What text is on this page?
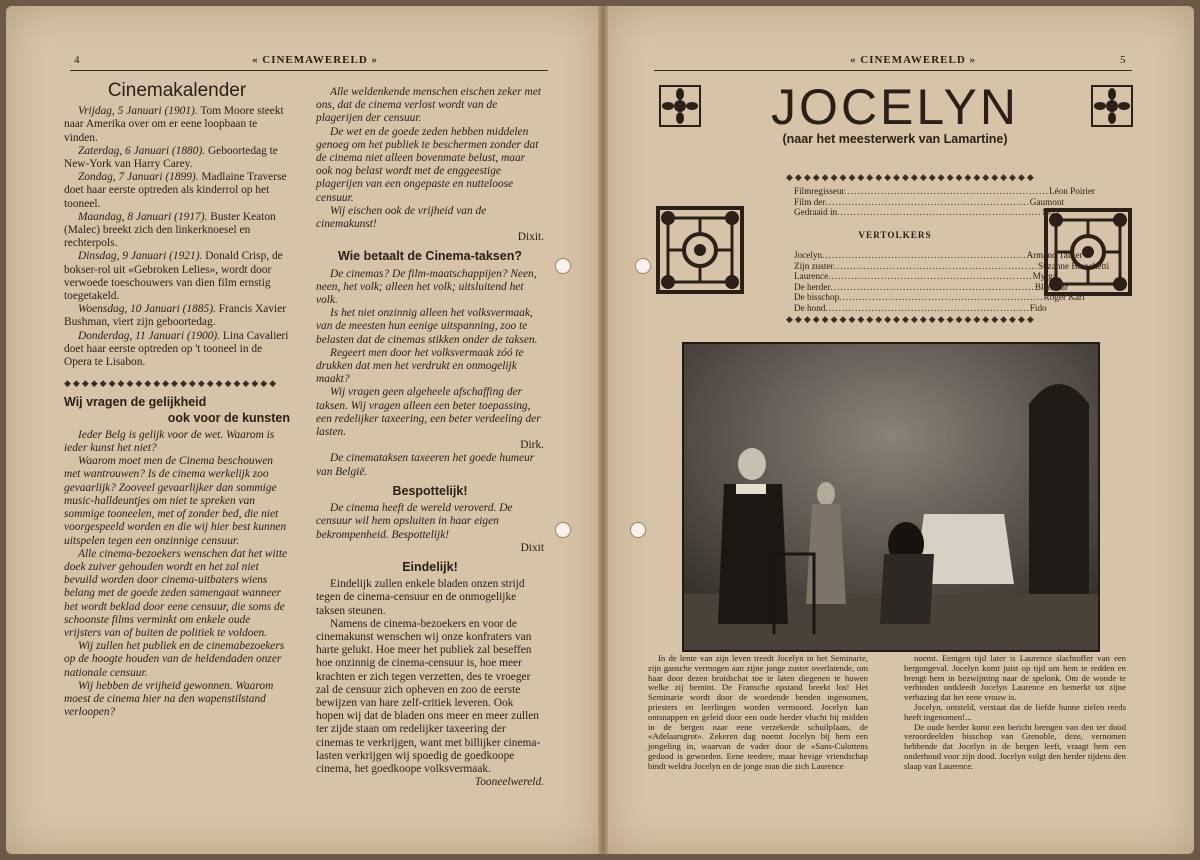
4	« CINEMAWERELD »
Cinemakalender

Vrijdag, 5 Januari (1901). Tom Moore steekt naar Amerika over om er eene loopbaan te vinden.

Zaterdag, 6 Januari (1880). Geboortedag te New-York van Harry Carey.

Zondag, 7 Januari (1899). Madlaine Traverse doet haar eerste optreden als kinderrol op het tooneel.

Maandag, 8 Januari (1917). Buster Keaton (Malec) breekt zich den linkerknoesel en rechterpols.

Dinsdag, 9 Januari (1921). Donald Crisp, de bokser-rol uit «Gebroken Lelies», wordt door verwoede toeschouwers van dien film ernstig toegetakeld.

Woensdag, 10 Januari (1885). Francis Xavier Bushman, viert zijn geboortedag.

Donderdag, 11 Januari (1900). Lina Cavalieri doet haar eerste optreden op 't tooneel in de Opera te Lisabon.

◆◆◆◆◆◆◆◆◆◆◆◆◆◆◆◆◆◆◆◆◆◆◆◆
Wij vragen de gelijkheid
ook voor de kunsten

Ieder Belg is gelijk voor de wet. Waarom is ieder kunst het niet?

Waarom moet men de Cinema beschouwen met wantrouwen? Is de cinema werkelijk zoo gevaarlijk? Zooveel gevaarlijker dan sommige music-halldeuntjes om niet te spreken van sommige tooneelen, met of zonder bed, die niet voorgespeeld worden en die wij hier best kunnen uitspelen tegen een onzinnige censuur.

Alle cinema-bezoekers wenschen dat het witte doek zuiver gehouden wordt en het zal niet bevuild worden door cinema-uitbaters wiens belang met de goede zeden samengaat wanneer het wordt beklad door eene censuur, die soms de schoonste films verminkt om enkele oude vrijsters van of buiten de politiek te voldoen.

Wij zullen het publiek en de cinemabezoekers op de hoogte houden van de heldendaden onzer nationale censuur.

Wij hebben de vrijheid gewonnen. Waarom moest de cinema hier na den wapenstilstand verloopen?

Alle weldenkende menschen eischen zeker met ons, dat de cinema verlost wordt van de plagerijen der censuur.

De wet en de goede zeden hebben middelen genoeg om het publiek te beschermen zonder dat de cinema niet alleen bovenmate belust, maar ook nog belast wordt met de enggeestige plagerijen van een ongepaste en nutteloose censuur.

Wij eischen ook de vrijheid van de cinemakunst!

Dixit.
Wie betaalt de Cinema-taksen?

De cinemas? De film-maatschappijen? Neen, neen, het volk; alleen het volk; uitsluitend het volk.

Is het niet onzinnig alleen het volksvermaak, van de meesten hun eenige uitspanning, zoo te belasten dat de cinemas stikken onder de taksen.

Regeert men door het volksvermaak zóó te drukken dat men het verdrukt en onmogelijk maakt?

Wij vragen geen algeheele afschaffing der taksen. Wij vragen alleen een beter toepassing, een redelijker taxeering, een beter verdeeling der lasten.

Dirk.

De cinemataksen taxeeren het goede humeur van België.

Bespottelijk!

De cinema heeft de wereld veroverd. De censuur wil hem opsluiten in haar eigen bekrompenheid. Bespottelijk!

Dixit
Eindelijk!

Eindelijk zullen enkele bladen onzen strijd tegen de cinema-censuur en de onmogelijke taksen steunen.

Namens de cinema-bezoekers en voor de cinemakunst wenschen wij onze konfraters van harte gelukt. Hoe meer het publiek zal beseffen hoe onzinnig de cinema-censuur is, hoe meer krachten er zich tegen verzetten, des te vroeger zal de censuur zich opheven en zoo de eerste bewijzen van hare zelf-critiek leveren. Ook hopen wij dat de bladen ons meer en meer zullen ter zijde staan om redelijker taxeering der cinemas te verkrijgen, want met billijker cinema-lasten verkrijgen wij spoedig de goedkoope cinema, het goedkoope volksvermaak.

Tooneelwereld.
« CINEMAWERELD »	5
JOCELYN
(naar het meesterwerk van Lamartine)
◆◆◆◆◆◆◆◆◆◆◆◆◆◆◆◆◆◆◆◆◆◆◆◆◆◆◆◆
Filmregisseur .............................................................. Léon Poirier
Film der .............................................................. Gaumont
Gedraaid in .............................................................. 1921
VERTOLKERS
Jocelyn .............................................................. Armand Tallier
Zijn zuster .............................................................. Suzanne Blanchetti
Laurence .............................................................. Myrga
De herder .............................................................. Blanchar
De bisschop .............................................................. Roger Karl
De hond .............................................................. Fido
◆◆◆◆◆◆◆◆◆◆◆◆◆◆◆◆◆◆◆◆◆◆◆◆◆◆◆◆

In de lente van zijn leven treedt Jocelyn in het Seminarie, zijn gansche vermogen aan zijne jonge zuster overlatende, om haar door dezen bruidschat toe te laten diegenen te huwen welke zij bemint. De Fransche opstand breekt los! Het Seminarie wordt door de woedende benden ingenomen, priesters en leerlingen worden vermoord. Jocelyn kan ontsnappen en geleid door een oude herder vlucht hij midden in de bergen naar eene verzekerde schuilplaats, de «Adelaarsgrot». Zekeren dag noemt Jocelyn bij hem een jongeling in, waarvan de vader door de «Sans-Culottens gedood is geworden. Eene teedere, maar hevige vriendschap bindt weldra Jocelyn en de jonge man die zich Laurence

noemt. Eenigen tijd later is Laurence slachtoffer van een bergongeval. Jocelyn komt juist op tijd om hem te redden en brengt hem in bezwijming naar de spelonk. Om de wonde te verbinden ontkleedt Jocelyn Laurence en bemerkt tot zijne verbazing dat het eene vrouw is.

Jocelyn, ontsteld, verstaat dat de liefde hunne zielen reeds heeft ingenomen!...

De oude herder komt een bericht brengen van den ter dood veroordeelden bisschop van Grenoble, deze, vernomen hebbende dat Jocelyn in de bergen leeft, vraagt hem een onderhoud voor zijn dood. Jocelyn volgt den herder tijdens den slaap van Laurence.
